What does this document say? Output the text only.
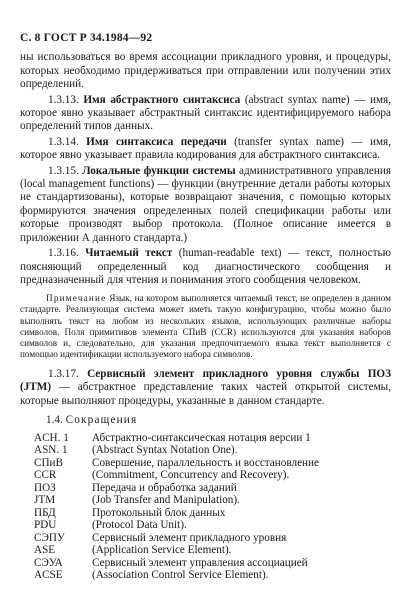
С. 8 ГОСТ Р 34.1984—92

ны использоваться во время ассоциации прикладного уровня, и процедуры, которых необходимо придерживаться при отправлении или получении этих определений.

1.3.13. Имя абстрактного синтаксиса (abstract syntax name) — имя, которое явно указывает абстрактный синтаксис идентифицируемого набора определений типов данных.

1.3.14. Имя синтаксиса передачи (transfer syntax name) — имя, которое явно указывает правила кодирования для абстрактного синтаксиса.

1.3.15. Локальные функции системы административного управления (local management functions) — функции (внутренние детали работы которых не стандартизованы), которые возвращают значения, с помощью которых формируются значения определенных полей спецификации работы или которые производят выбор протокола. (Полное описание имеется в приложении А данного стандарта.)

1.3.16. Читаемый текст (human-readable text) — текст, полностью поясняющий определенный код диагностического сообщения и предназначенный для чтения и понимания этого сообщения человеком.

Примечание Язык, на котором выполняется читаемый текст, не определен в данном стандарте. Реализующая система может иметь такую конфигурацию, чтобы можно было выполнять текст на любом из нескольких языков, использующих различные наборы символов. Поля примитивов элемента СПиВ (CCR) используются для указания наборов символов и, следовательно, для указания предпочитаемого языка текст выполняется с помощью идентификации используемого набора символов.

1.3.17. Сервисный элемент прикладного уровня службы ПОЗ (JTM) — абстрактное представление таких частей открытой системы, которые выполняют процедуры, указанные в данном стандарте.

1.4. Сокращения

ACH. 1	Абстрактно-синтаксическая нотация версии 1
ASN. 1	(Abstract Syntax Notation One).
СПиВ	Совершение, параллельность и восстановление
CCR	(Commitment, Concurrency and Recovery).
ПОЗ	Передача и обработка заданий
JTM	(Job Transfer and Manipulation).
ПБД	Протокольный блок данных
PDU	(Protocol Data Unit).
СЭПУ	Сервисный элемент прикладного уровня
ASE	(Application Service Element).
СЭУА	Сервисный элемент управления ассоциацией
ACSE	(Association Control Service Element).
